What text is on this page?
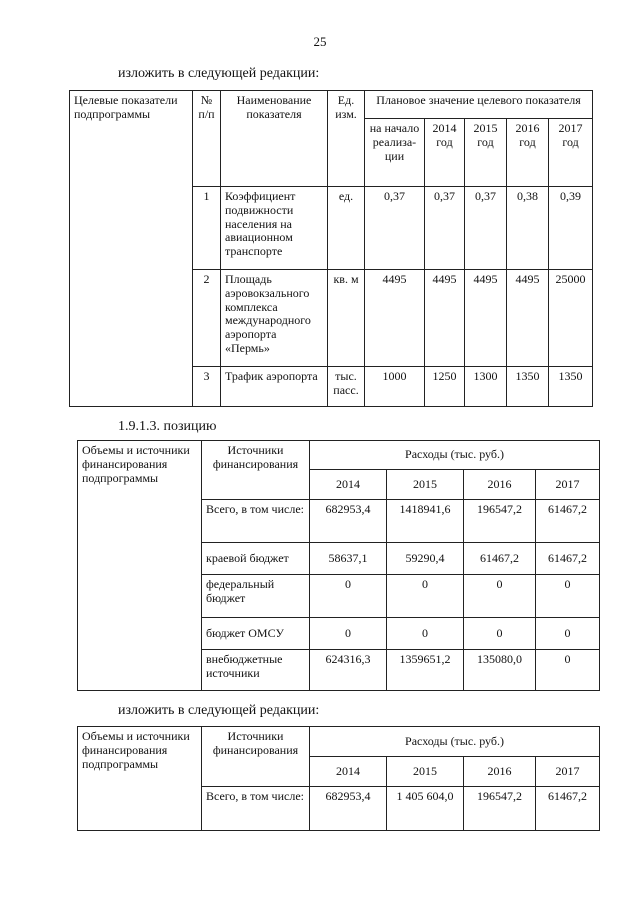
25
изложить в следующей редакции:
Целевые показатели подпрограммы	№ п/п	Наименование показателя	Ед. изм.	Плановое значение целевого показателя				
				на начало реализа-ции	2014 год	2015 год	2016 год	2017 год
	1	Коэффициент подвижности населения на авиационном транспорте	ед.	0,37	0,37	0,37	0,38	0,39
	2	Площадь аэровокзального комплекса международного аэропорта «Пермь»	кв. м	4495	4495	4495	4495	25000
	3	Трафик аэропорта	тыс. пасс.	1000	1250	1300	1350	1350
1.9.1.3. позицию
Объемы и источники финансирования подпрограммы	Источники финансирования	Расходы (тыс. руб.)			
		2014	2015	2016	2017
	Всего, в том числе:	682953,4	1418941,6	196547,2	61467,2
	краевой бюджет	58637,1	59290,4	61467,2	61467,2
	федеральный бюджет	0	0	0	0
	бюджет ОМСУ	0	0	0	0
	внебюджетные источники	624316,3	1359651,2	135080,0	0
изложить в следующей редакции:
Объемы и источники финансирования подпрограммы	Источники финансирования	Расходы (тыс. руб.)			
		2014	2015	2016	2017
	Всего, в том числе:	682953,4	1 405 604,0	196547,2	61467,2
